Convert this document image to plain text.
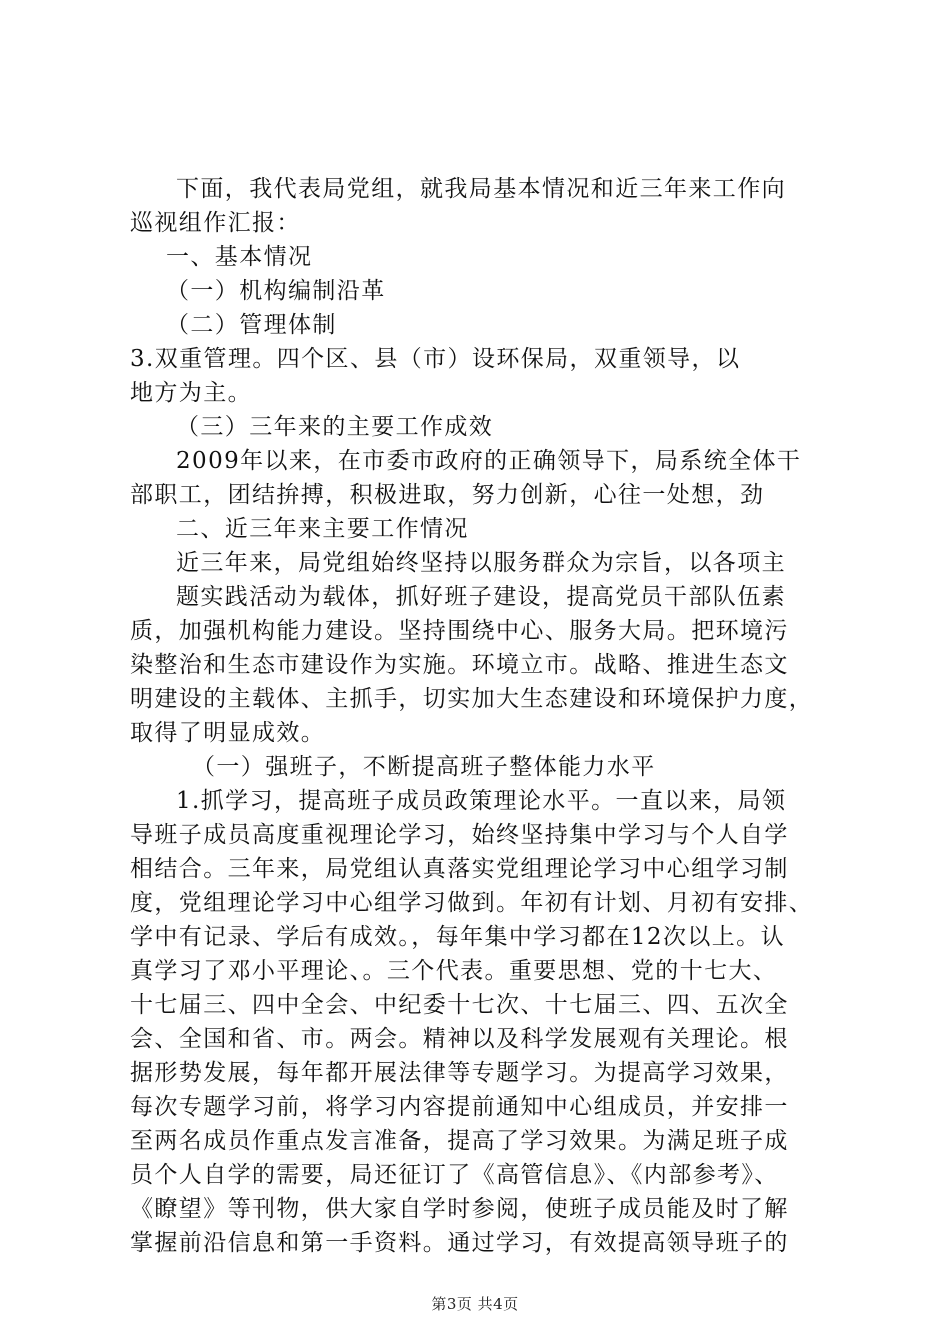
下面，我代表局党组，就我局基本情况和近三年来工作向
巡视组作汇报：
一、基本情况
（一）机构编制沿革
（二）管理体制
3.双重管理。四个区、县（市）设环保局，双重领导，以
地方为主。
（三）三年来的主要工作成效
2009年以来，在市委市政府的正确领导下，局系统全体干
部职工，团结拚搏，积极进取，努力创新，心往一处想，劲
二、近三年来主要工作情况
近三年来，局党组始终坚持以服务群众为宗旨，以各项主
题实践活动为载体，抓好班子建设，提高党员干部队伍素
质，加强机构能力建设。坚持围绕中心、服务大局。把环境污
染整治和生态市建设作为实施。环境立市。战略、推进生态文
明建设的主载体、主抓手，切实加大生态建设和环境保护力度，
取得了明显成效。
（一）强班子，不断提高班子整体能力水平
1.抓学习，提高班子成员政策理论水平。一直以来，局领
导班子成员高度重视理论学习，始终坚持集中学习与个人自学
相结合。三年来，局党组认真落实党组理论学习中心组学习制
度，党组理论学习中心组学习做到。年初有计划、月初有安排、
学中有记录、学后有成效。，每年集中学习都在12次以上。认
真学习了邓小平理论、。三个代表。重要思想、党的十七大、
十七届三、四中全会、中纪委十七次、十七届三、四、五次全
会、全国和省、市。两会。精神以及科学发展观有关理论。根
据形势发展，每年都开展法律等专题学习。为提高学习效果，
每次专题学习前，将学习内容提前通知中心组成员，并安排一
至两名成员作重点发言准备，提高了学习效果。为满足班子成
员个人自学的需要，局还征订了《高管信息》、《内部参考》、
《瞭望》等刊物，供大家自学时参阅，使班子成员能及时了解
掌握前沿信息和第一手资料。通过学习，有效提高领导班子的
第3页 共4页
